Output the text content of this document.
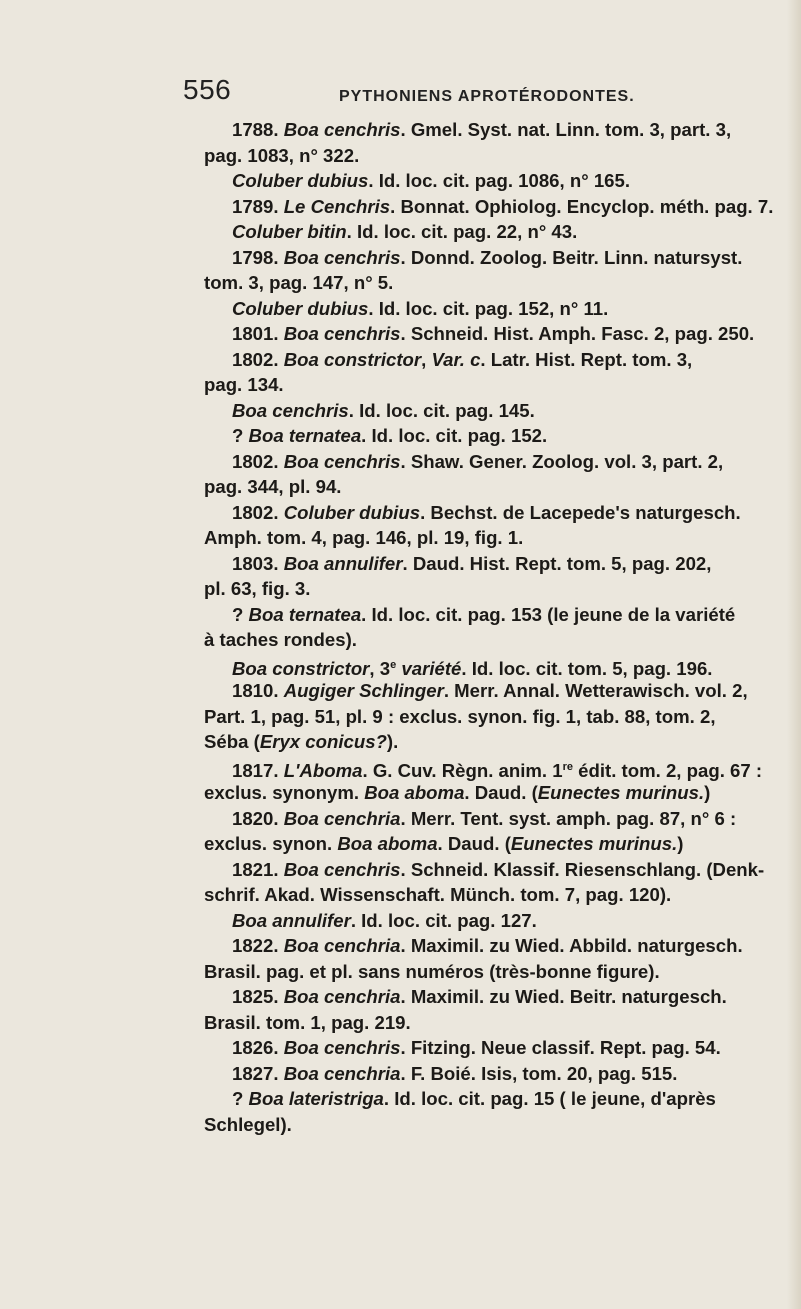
556	PYTHONIENS APROTÉRODONTES.
1788. Boa cenchris. Gmel. Syst. nat. Linn. tom. 3, part. 3,
pag. 1083, n° 322.
Coluber dubius. Id. loc. cit. pag. 1086, n° 165.
1789. Le Cenchris. Bonnat. Ophiolog. Encyclop. méth. pag. 7.
Coluber bitin. Id. loc. cit. pag. 22, n° 43.
1798. Boa cenchris. Donnd. Zoolog. Beitr. Linn. natursyst.
tom. 3, pag. 147, n° 5.
Coluber dubius. Id. loc. cit. pag. 152, n° 11.
1801. Boa cenchris. Schneid. Hist. Amph. Fasc. 2, pag. 250.
1802. Boa constrictor, Var. c. Latr. Hist. Rept. tom. 3,
pag. 134.
Boa cenchris. Id. loc. cit. pag. 145.
? Boa ternatea. Id. loc. cit. pag. 152.
1802. Boa cenchris. Shaw. Gener. Zoolog. vol. 3, part. 2,
pag. 344, pl. 94.
1802. Coluber dubius. Bechst. de Lacepede's naturgesch.
Amph. tom. 4, pag. 146, pl. 19, fig. 1.
1803. Boa annulifer. Daud. Hist. Rept. tom. 5, pag. 202,
pl. 63, fig. 3.
? Boa ternatea. Id. loc. cit. pag. 153 (le jeune de la variété
à taches rondes).
Boa constrictor, 3e variété. Id. loc. cit. tom. 5, pag. 196.
1810. Augiger Schlinger. Merr. Annal. Wetterawisch. vol. 2,
Part. 1, pag. 51, pl. 9 : exclus. synon. fig. 1, tab. 88, tom. 2,
Séba (Eryx conicus?).
1817. L'Aboma. G. Cuv. Règn. anim. 1re édit. tom. 2, pag. 67 :
exclus. synonym. Boa aboma. Daud. (Eunectes murinus.)
1820. Boa cenchria. Merr. Tent. syst. amph. pag. 87, n° 6 :
exclus. synon. Boa aboma. Daud. (Eunectes murinus.)
1821. Boa cenchris. Schneid. Klassif. Riesenschlang. (Denk-
schrif. Akad. Wissenschaft. Münch. tom. 7, pag. 120).
Boa annulifer. Id. loc. cit. pag. 127.
1822. Boa cenchria. Maximil. zu Wied. Abbild. naturgesch.
Brasil. pag. et pl. sans numéros (très-bonne figure).
1825. Boa cenchria. Maximil. zu Wied. Beitr. naturgesch.
Brasil. tom. 1, pag. 219.
1826. Boa cenchris. Fitzing. Neue classif. Rept. pag. 54.
1827. Boa cenchria. F. Boié. Isis, tom. 20, pag. 515.
? Boa lateristriga. Id. loc. cit. pag. 15 ( le jeune, d'après
Schlegel).
